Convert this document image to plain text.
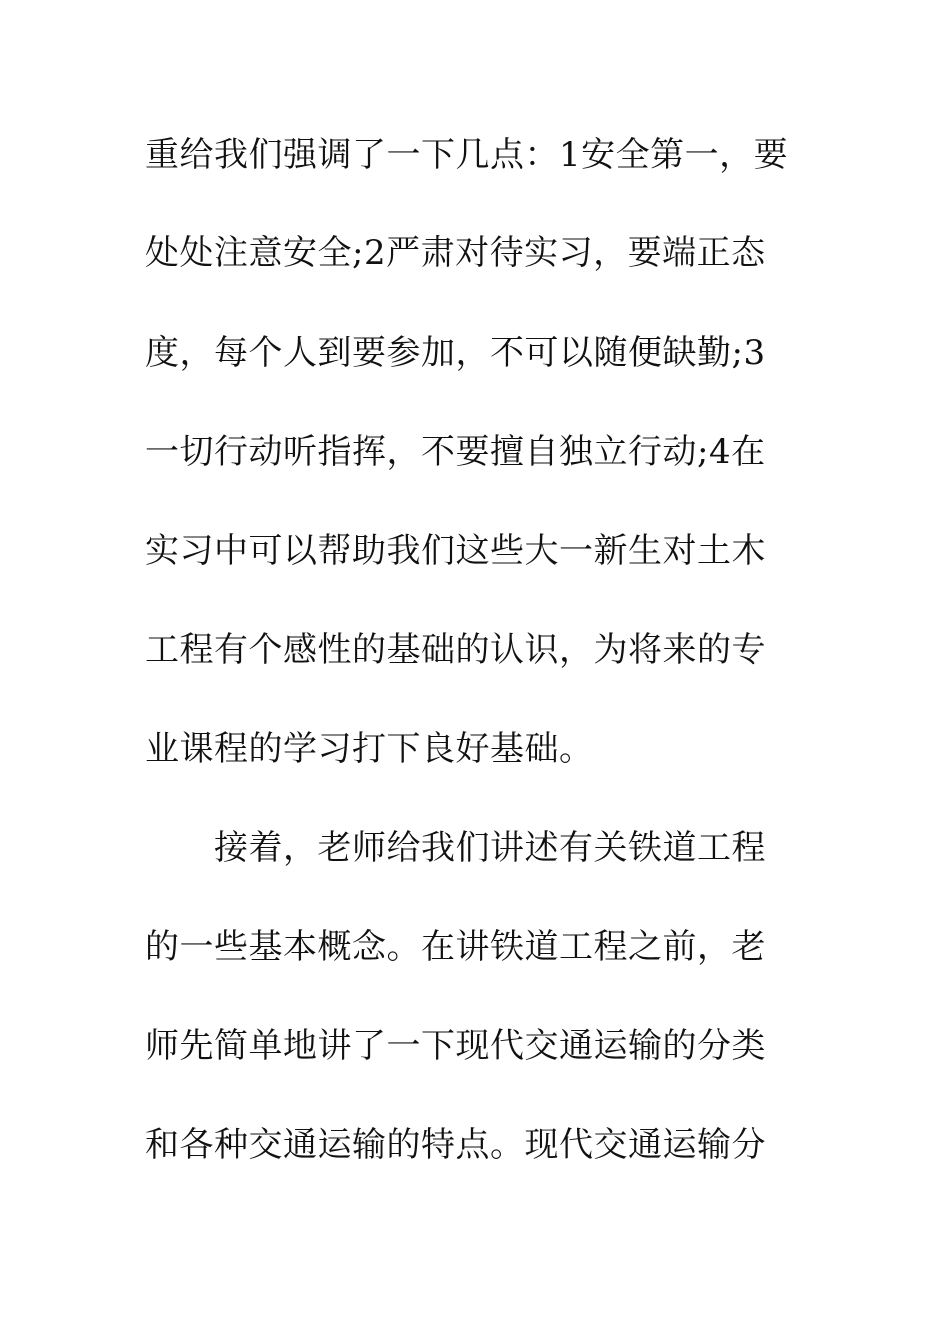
重给我们强调了一下几点：1安全第一，要
处处注意安全;2严肃对待实习，要端正态
度，每个人到要参加，不可以随便缺勤;3
一切行动听指挥，不要擅自独立行动;4在
实习中可以帮助我们这些大一新生对土木
工程有个感性的基础的认识，为将来的专
业课程的学习打下良好基础。
接着，老师给我们讲述有关铁道工程
的一些基本概念。在讲铁道工程之前，老
师先简单地讲了一下现代交通运输的分类
和各种交通运输的特点。现代交通运输分
